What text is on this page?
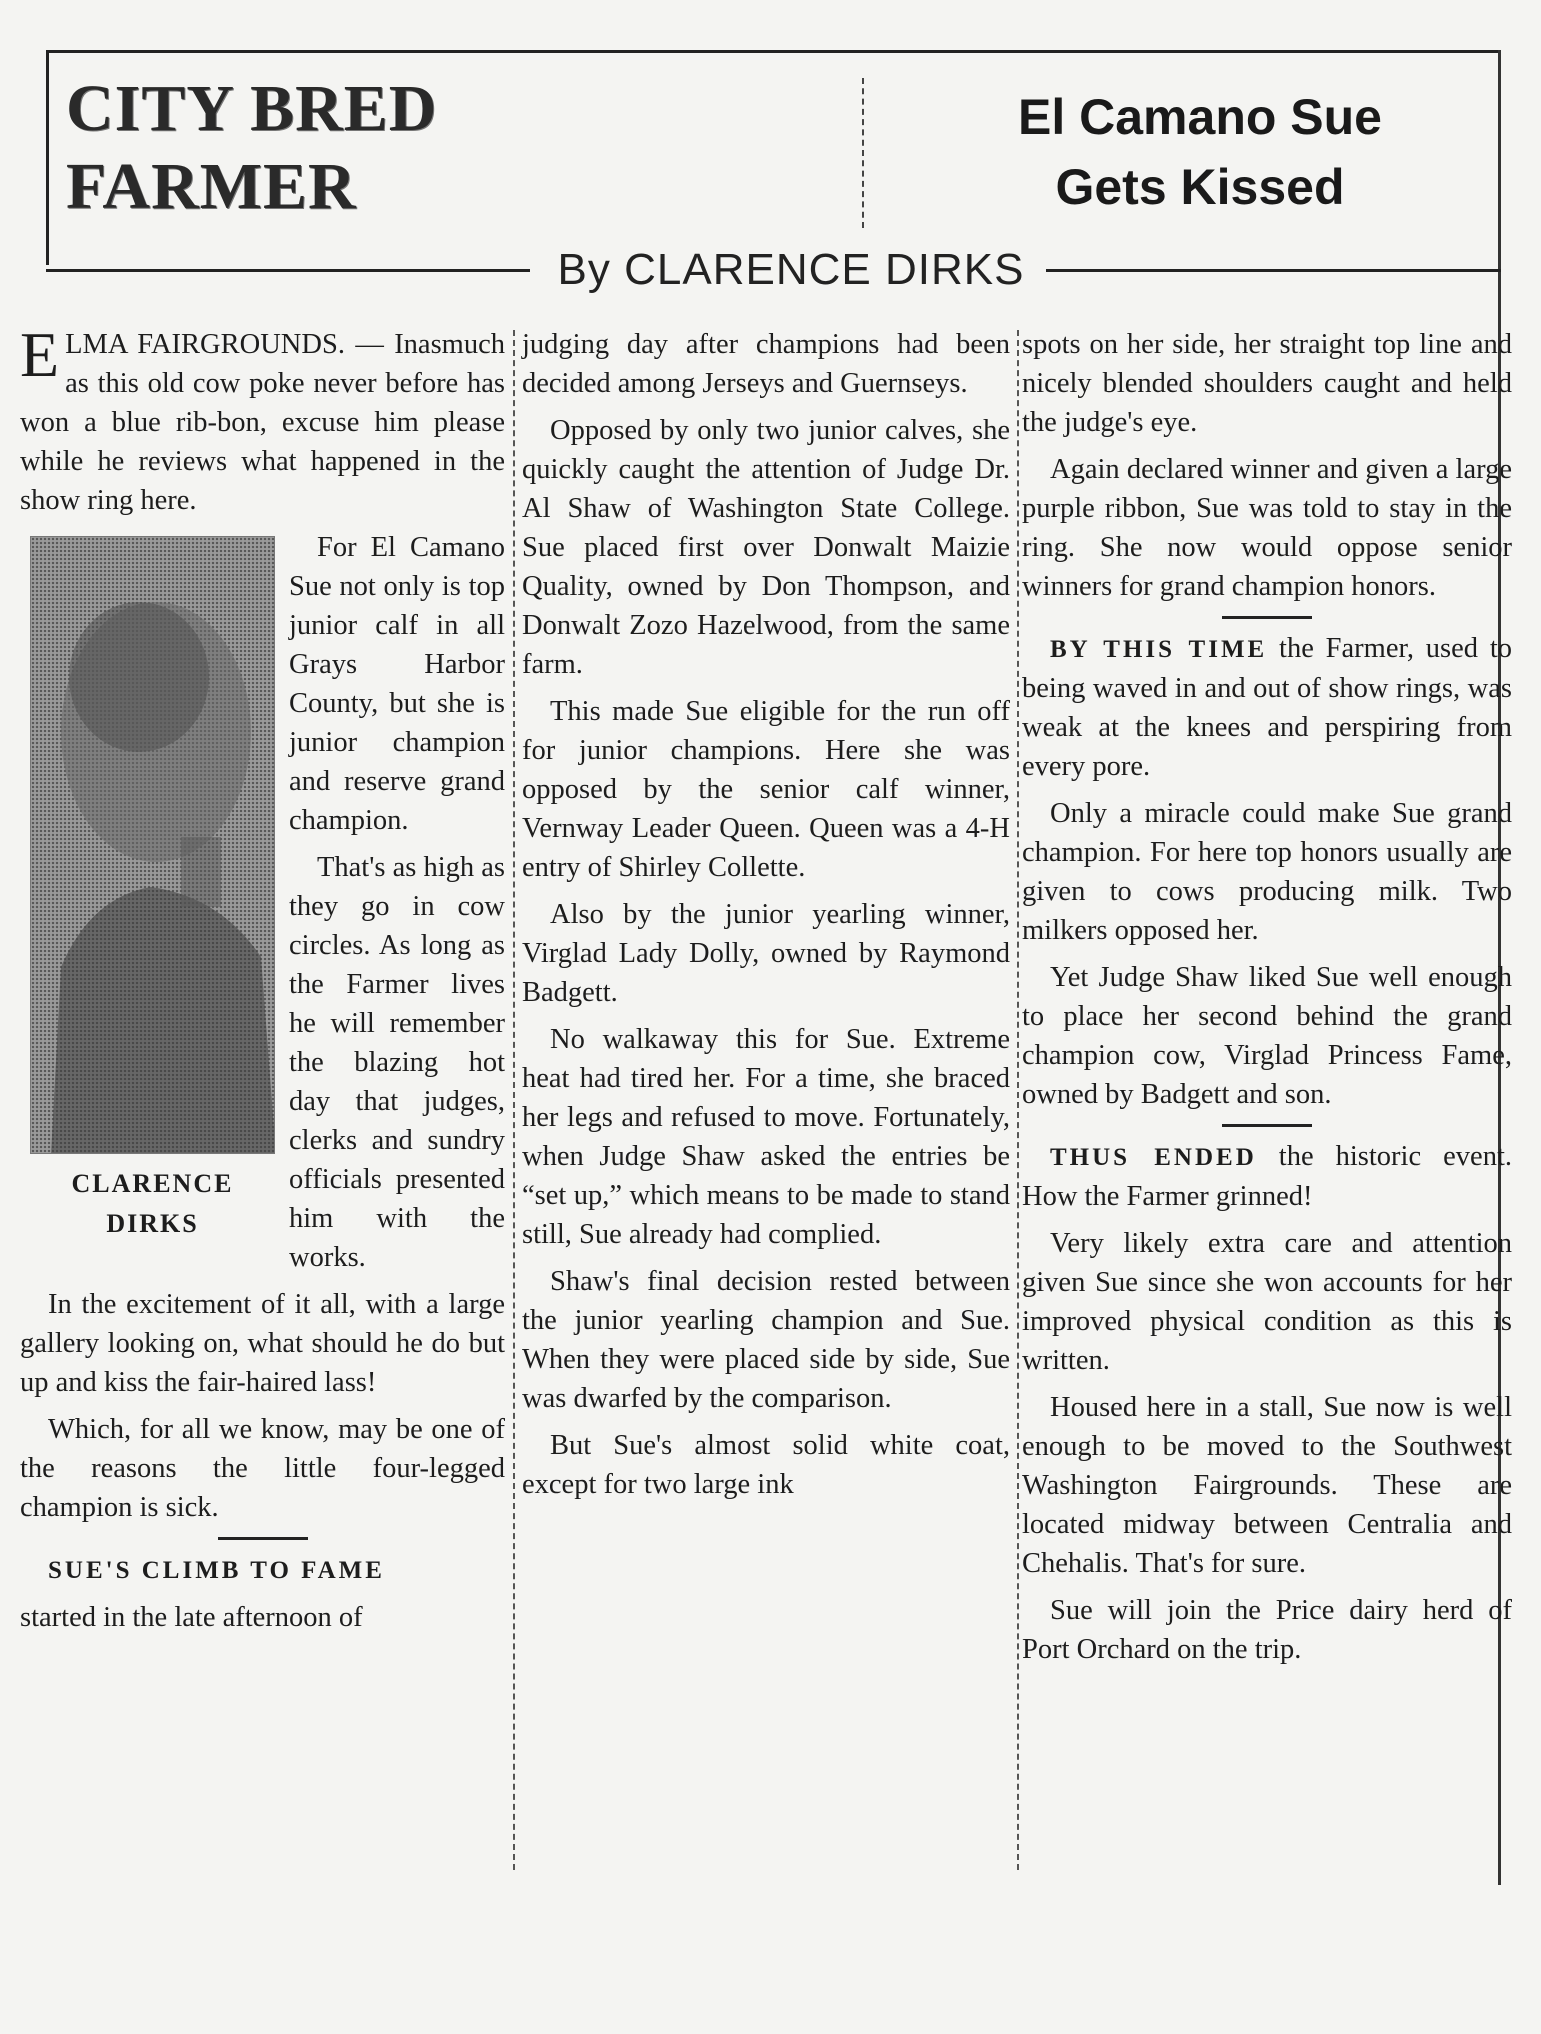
CITY BRED
FARMER
El Camano Sue
Gets Kissed
By CLARENCE DIRKS

ELMA FAIRGROUNDS. — Inasmuch as this old cow poke never before has won a blue rib-bon, excuse him please while he reviews what happened in the show ring here.

CLARENCE
DIRKS

For El Camano Sue not only is top junior calf in all Grays Harbor County, but she is junior champion and reserve grand champion.

That's as high as they go in cow circles. As long as the Farmer lives he will remember the blazing hot day that judges, clerks and sundry officials presented him with the works.

In the excitement of it all, with a large gallery looking on, what should he do but up and kiss the fair-haired lass!

Which, for all we know, may be one of the reasons the little four-legged champion is sick.

SUE'S CLIMB TO FAME

started in the late afternoon of

judging day after champions had been decided among Jerseys and Guernseys.

Opposed by only two junior calves, she quickly caught the attention of Judge Dr. Al Shaw of Washington State College. Sue placed first over Donwalt Maizie Quality, owned by Don Thompson, and Donwalt Zozo Hazelwood, from the same farm.

This made Sue eligible for the run off for junior champions. Here she was opposed by the senior calf winner, Vernway Leader Queen. Queen was a 4-H entry of Shirley Collette.

Also by the junior yearling winner, Virglad Lady Dolly, owned by Raymond Badgett.

No walkaway this for Sue. Extreme heat had tired her. For a time, she braced her legs and refused to move. Fortunately, when Judge Shaw asked the entries be “set up,” which means to be made to stand still, Sue already had complied.

Shaw's final decision rested between the junior yearling champion and Sue. When they were placed side by side, Sue was dwarfed by the comparison.

But Sue's almost solid white coat, except for two large ink

spots on her side, her straight top line and nicely blended shoulders caught and held the judge's eye.

Again declared winner and given a large purple ribbon, Sue was told to stay in the ring. She now would oppose senior winners for grand champion honors.

BY THIS TIME the Farmer, used to being waved in and out of show rings, was weak at the knees and perspiring from every pore.

Only a miracle could make Sue grand champion. For here top honors usually are given to cows producing milk. Two milkers opposed her.

Yet Judge Shaw liked Sue well enough to place her second behind the grand champion cow, Virglad Princess Fame, owned by Badgett and son.

THUS ENDED the historic event. How the Farmer grinned!

Very likely extra care and attention given Sue since she won accounts for her improved physical condition as this is written.

Housed here in a stall, Sue now is well enough to be moved to the Southwest Washington Fairgrounds. These are located midway between Centralia and Chehalis. That's for sure.

Sue will join the Price dairy herd of Port Orchard on the trip.
